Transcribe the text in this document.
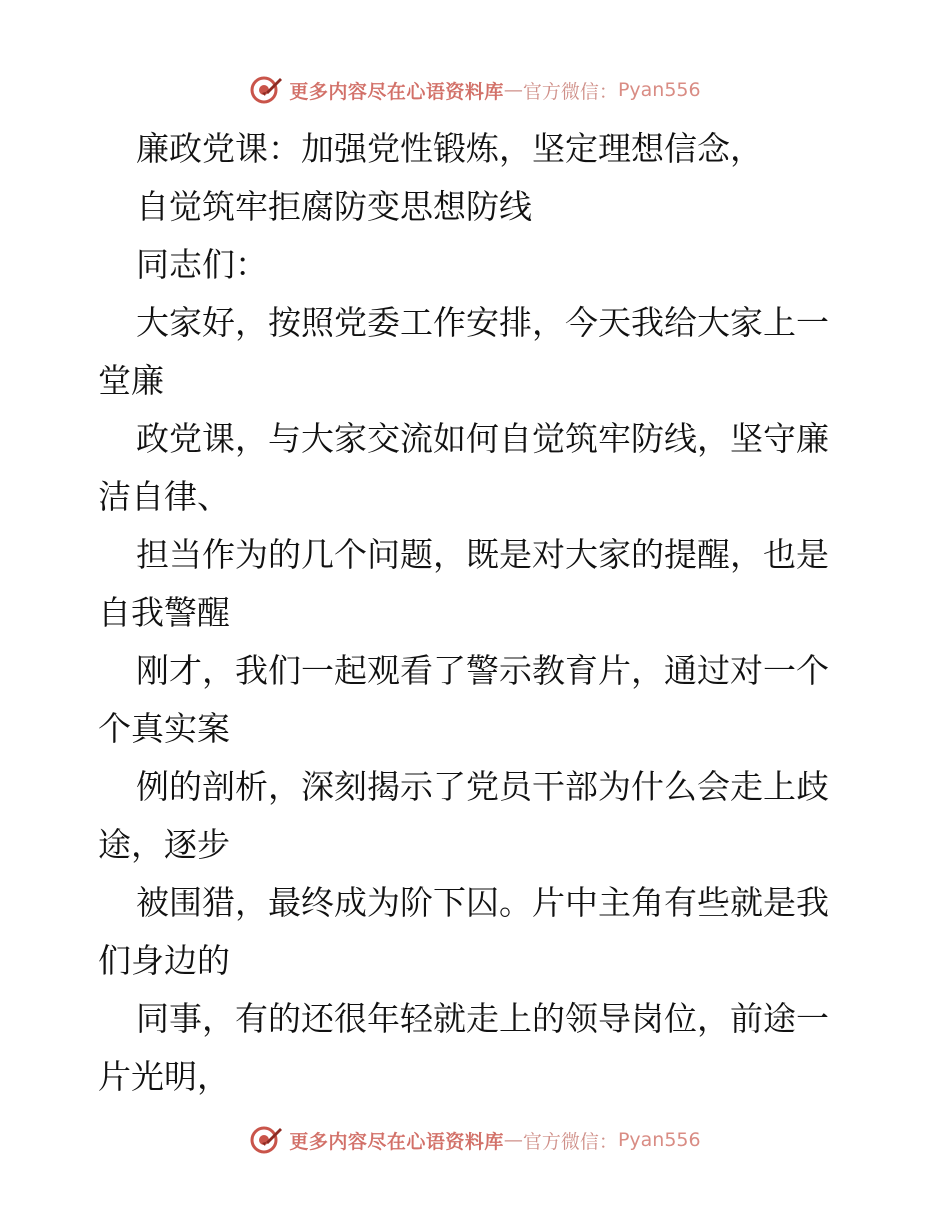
更多内容尽在心语资料库 — 官方微信： Pyan556
廉政党课：加强党性锻炼，坚定理想信念，
自觉筑牢拒腐防变思想防线
同志们：
大家好，按照党委工作安排，今天我给大家上一
堂廉
政党课，与大家交流如何自觉筑牢防线，坚守廉
洁自律、
担当作为的几个问题，既是对大家的提醒，也是
自我警醒
刚才，我们一起观看了警示教育片，通过对一个
个真实案
例的剖析，深刻揭示了党员干部为什么会走上歧
途，逐步
被围猎，最终成为阶下囚。片中主角有些就是我
们身边的
同事，有的还很年轻就走上的领导岗位，前途一
片光明，
更多内容尽在心语资料库 — 官方微信： Pyan556
